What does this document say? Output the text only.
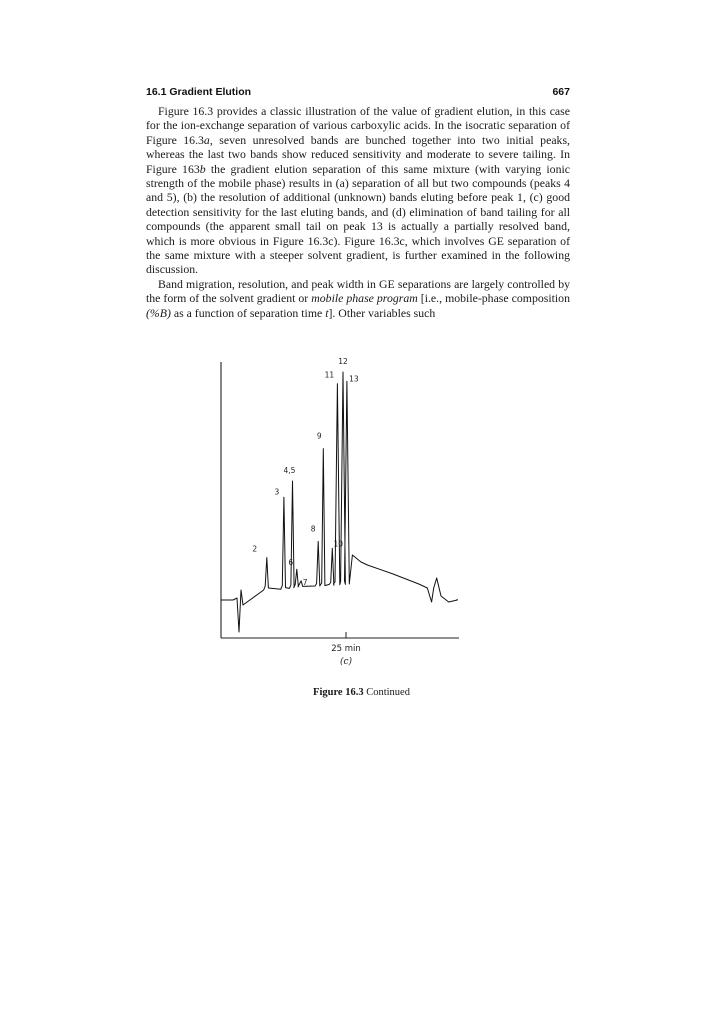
16.1 Gradient Elution	667

Figure 16.3 provides a classic illustration of the value of gradient elution, in this case for the ion-exchange separation of various carboxylic acids. In the isocratic separation of Figure 16.3a, seven unresolved bands are bunched together into two initial peaks, whereas the last two bands show reduced sensitivity and moderate to severe tailing. In Figure 163b the gradient elution separation of this same mixture (with varying ionic strength of the mobile phase) results in (a) separation of all but two compounds (peaks 4 and 5), (b) the resolution of additional (unknown) bands eluting before peak 1, (c) good detection sensitivity for the last eluting bands, and (d) elimination of band tailing for all compounds (the apparent small tail on peak 13 is actually a partially resolved band, which is more obvious in Figure 16.3c). Figure 16.3c, which involves GE separation of the same mixture with a steeper solvent gradient, is further examined in the following discussion.

Band migration, resolution, and peak width in GE separations are largely controlled by the form of the solvent gradient or mobile phase program [i.e., mobile-phase composition (%B) as a function of separation time t]. Other variables such

25 min
(c)
2
3
4,5
6
7
8
9
10
11
12
13
Figure 16.3 Continued
